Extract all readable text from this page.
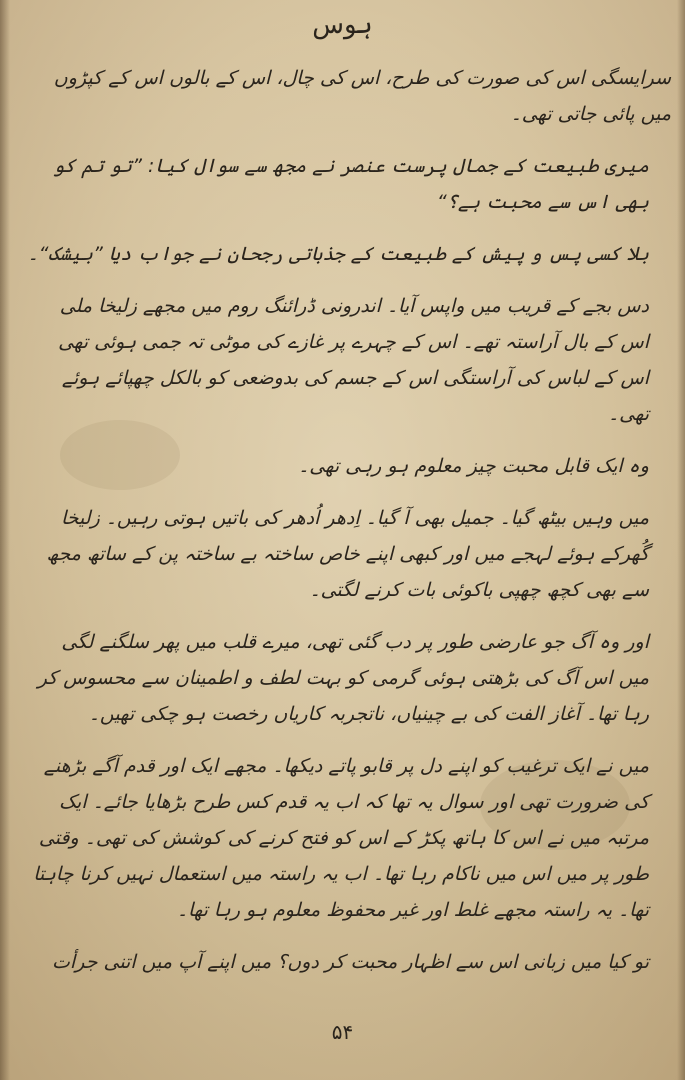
ہوس

سرایسگی اس کی صورت کی طرح، اس کی چال، اس کے بالوں اس کے کپڑوں میں پائی جاتی تھی۔

میری طبیعت کے جمال پرست عنصر نے مجھ سے سوال کیا: ”تو تم کو بھی اس سے محبت ہے؟“

بلا کسی پس و پیش کے طبیعت کے جذباتی رجحان نے جواب دیا ”بیشک“۔

دس بجے کے قریب میں واپس آیا۔ اندرونی ڈرائنگ روم میں مجھے زلیخا ملی اس کے بال آراستہ تھے۔ اس کے چہرے پر غازے کی موٹی تہ جمی ہوئی تھی اس کے لباس کی آراستگی اس کے جسم کی بدوضعی کو بالکل چھپائے ہوئے تھی۔

وہ ایک قابل محبت چیز معلوم ہو رہی تھی۔

میں وہیں بیٹھ گیا۔ جمیل بھی آ گیا۔ اِدھر اُدھر کی باتیں ہوتی رہیں۔ زلیخا گُھرکے ہوئے لہجے میں اور کبھی اپنے خاص ساختہ بے ساختہ پن کے ساتھ مجھ سے بھی کچھ چھپی باکوئی بات کرنے لگتی۔

اور وہ آگ جو عارضی طور پر دب گئی تھی، میرے قلب میں پھر سلگنے لگی میں اس آگ کی بڑھتی ہوئی گرمی کو بہت لطف و اطمینان سے محسوس کر رہا تھا۔ آغاز الفت کی بے چینیاں، ناتجربہ کاریاں رخصت ہو چکی تھیں۔

میں نے ایک ترغیب کو اپنے دل پر قابو پاتے دیکھا۔ مجھے ایک اور قدم آگے بڑھنے کی ضرورت تھی اور سوال یہ تھا کہ اب یہ قدم کس طرح بڑھایا جائے۔ ایک مرتبہ میں نے اس کا ہاتھ پکڑ کے اس کو فتح کرنے کی کوشش کی تھی۔ وقتی طور پر میں اس میں ناکام رہا تھا۔ اب یہ راستہ میں استعمال نہیں کرنا چاہتا تھا۔ یہ راستہ مجھے غلط اور غیر محفوظ معلوم ہو رہا تھا۔

تو کیا میں زبانی اس سے اظہار محبت کر دوں؟ میں اپنے آپ میں اتنی جرأت

۵۴
